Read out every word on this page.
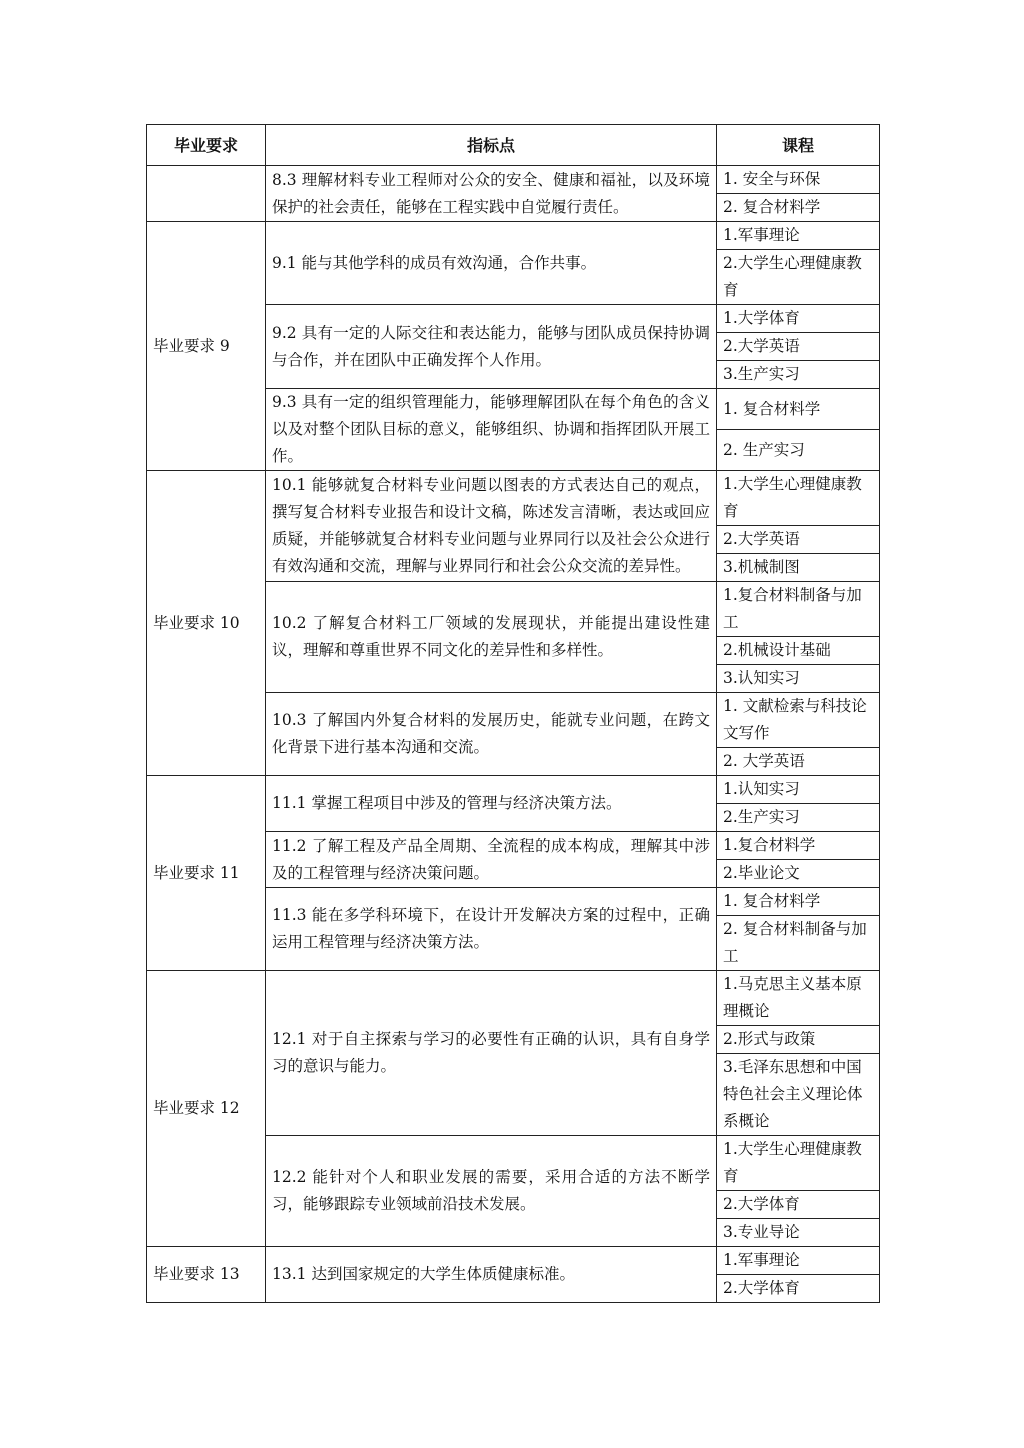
毕业要求	指标点	课程
	8.3 理解材料专业工程师对公众的安全、健康和福祉，以及环境保护的社会责任，能够在工程实践中自觉履行责任。	1. 安全与环保
		2. 复合材料学
毕业要求 9	9.1 能与其他学科的成员有效沟通，合作共事。	1.军事理论
		2.大学生心理健康教育
	9.2 具有一定的人际交往和表达能力，能够与团队成员保持协调与合作，并在团队中正确发挥个人作用。	1.大学体育
		2.大学英语
		3.生产实习
	9.3 具有一定的组织管理能力，能够理解团队在每个角色的含义以及对整个团队目标的意义，能够组织、协调和指挥团队开展工作。	1. 复合材料学
		2. 生产实习
毕业要求 10	10.1 能够就复合材料专业问题以图表的方式表达自己的观点，撰写复合材料专业报告和设计文稿，陈述发言清晰，表达或回应质疑，并能够就复合材料专业问题与业界同行以及社会公众进行有效沟通和交流，理解与业界同行和社会公众交流的差异性。	1.大学生心理健康教育
		2.大学英语
		3.机械制图
	10.2 了解复合材料工厂领域的发展现状，并能提出建设性建议，理解和尊重世界不同文化的差异性和多样性。	1.复合材料制备与加工
		2.机械设计基础
		3.认知实习
	10.3 了解国内外复合材料的发展历史，能就专业问题，在跨文化背景下进行基本沟通和交流。	1. 文献检索与科技论文写作
		2. 大学英语
毕业要求 11	11.1 掌握工程项目中涉及的管理与经济决策方法。	1.认知实习
		2.生产实习
	11.2 了解工程及产品全周期、全流程的成本构成，理解其中涉及的工程管理与经济决策问题。	1.复合材料学
		2.毕业论文
	11.3 能在多学科环境下，在设计开发解决方案的过程中，正确运用工程管理与经济决策方法。	1. 复合材料学
		2. 复合材料制备与加工
毕业要求 12	12.1 对于自主探索与学习的必要性有正确的认识，具有自身学习的意识与能力。	1.马克思主义基本原理概论
		2.形式与政策
		3.毛泽东思想和中国特色社会主义理论体系概论
	12.2 能针对个人和职业发展的需要，采用合适的方法不断学习，能够跟踪专业领域前沿技术发展。	1.大学生心理健康教育
		2.大学体育
		3.专业导论
毕业要求 13	13.1 达到国家规定的大学生体质健康标准。	1.军事理论
		2.大学体育
